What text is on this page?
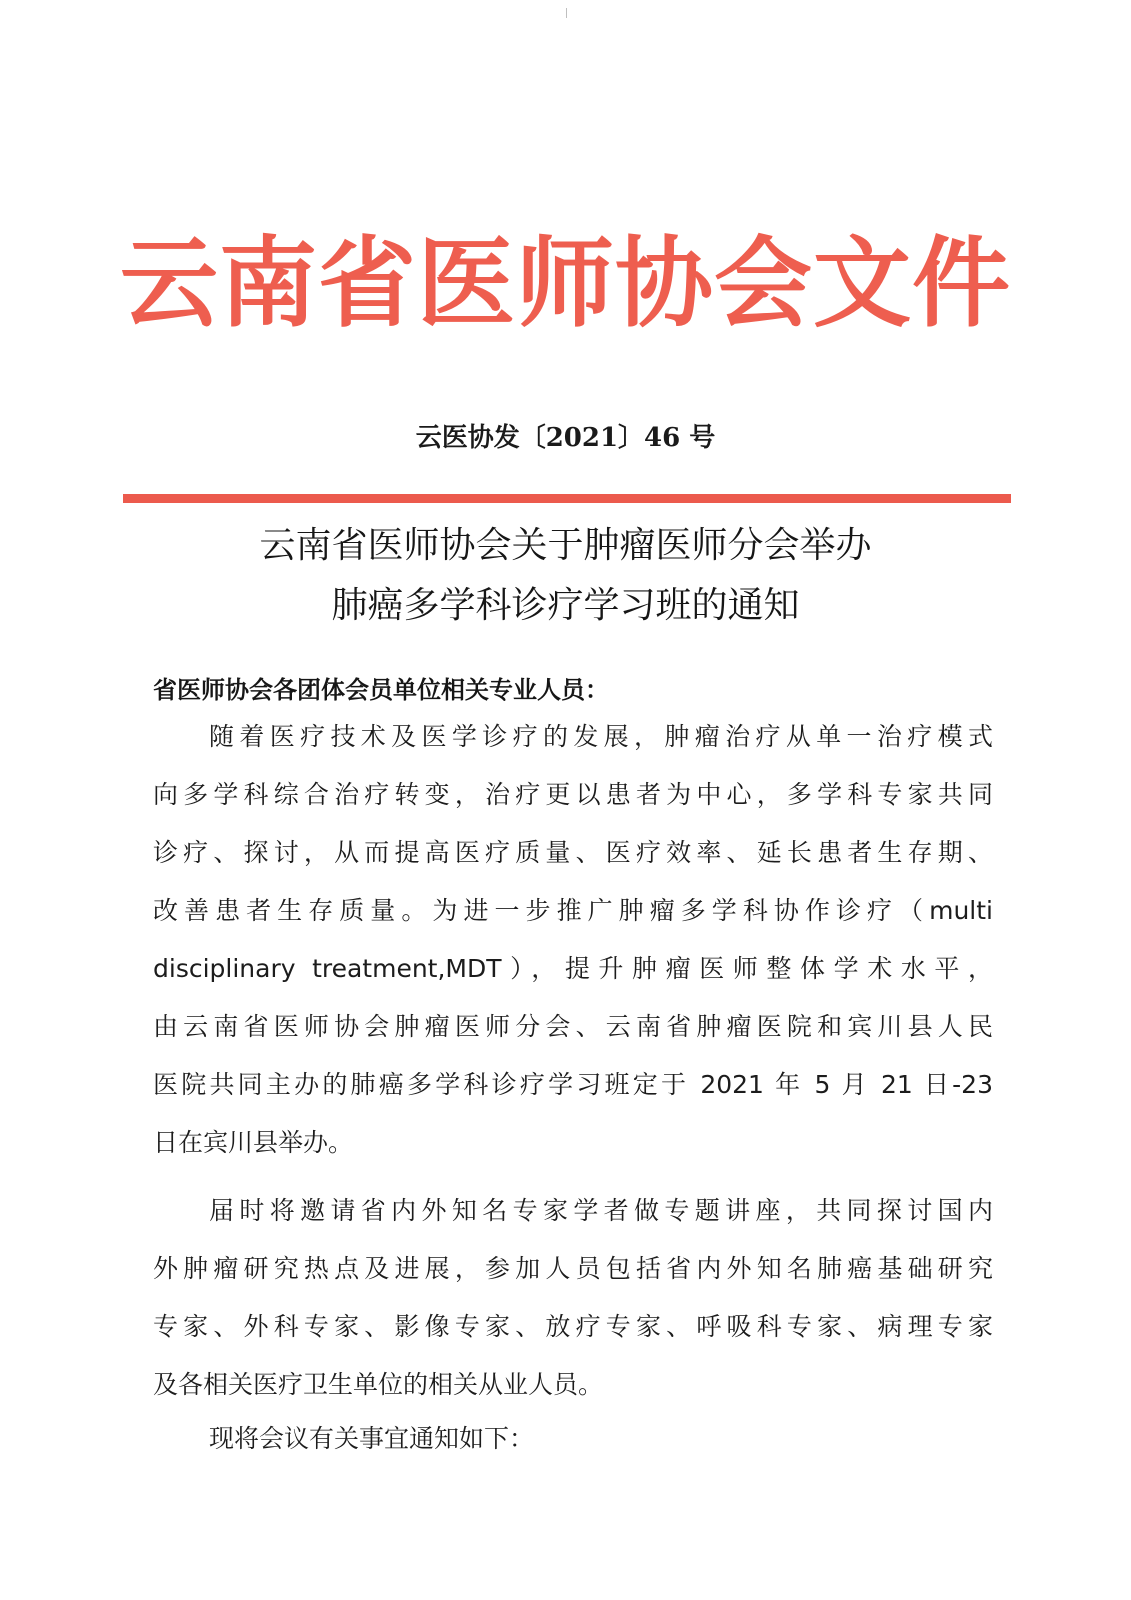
云南省医师协会文件
云医协发〔2021〕46 号
云南省医师协会关于肿瘤医师分会举办
肺癌多学科诊疗学习班的通知
省医师协会各团体会员单位相关专业人员：
随着医疗技术及医学诊疗的发展，肿瘤治疗从单一治疗模式
向多学科综合治疗转变，治疗更以患者为中心，多学科专家共同
诊疗、探讨，从而提高医疗质量、医疗效率、延长患者生存期、
改善患者生存质量。为进一步推广肿瘤多学科协作诊疗（multi
disciplinary treatment,MDT），提升肿瘤医师整体学术水平，
由云南省医师协会肿瘤医师分会、云南省肿瘤医院和宾川县人民
医院共同主办的肺癌多学科诊疗学习班定于 2021 年 5 月 21 日-23
日在宾川县举办。
届时将邀请省内外知名专家学者做专题讲座，共同探讨国内
外肿瘤研究热点及进展，参加人员包括省内外知名肺癌基础研究
专家、外科专家、影像专家、放疗专家、呼吸科专家、病理专家
及各相关医疗卫生单位的相关从业人员。
现将会议有关事宜通知如下：
